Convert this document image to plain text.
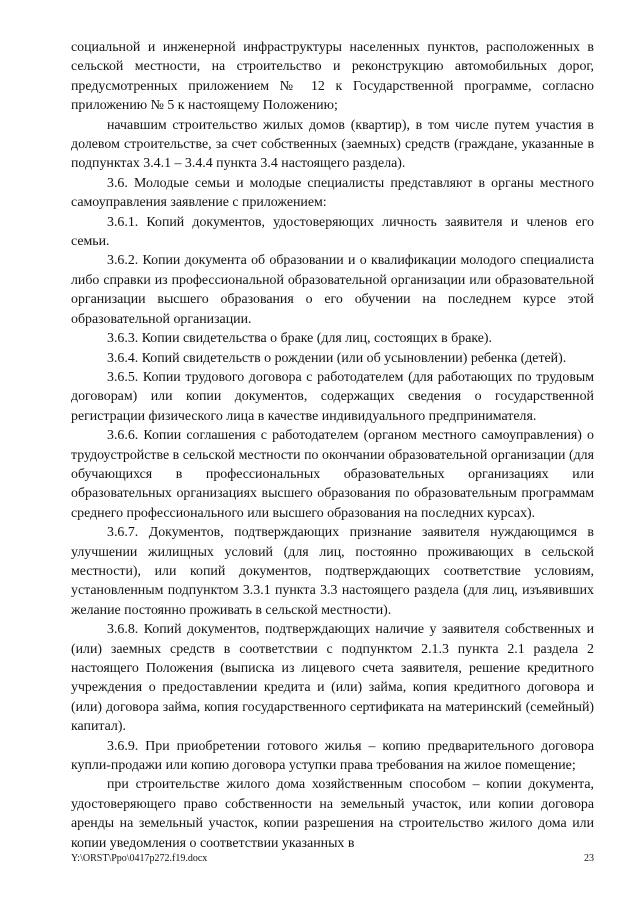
социальной и инженерной инфраструктуры населенных пунктов, расположенных в сельской местности, на строительство и реконструкцию автомобильных дорог, предусмотренных приложением № 12 к Государственной программе, согласно приложению № 5 к настоящему Положению;

начавшим строительство жилых домов (квартир), в том числе путем участия в долевом строительстве, за счет собственных (заемных) средств (граждане, указанные в подпунктах 3.4.1 – 3.4.4 пункта 3.4 настоящего раздела).

3.6. Молодые семьи и молодые специалисты представляют в органы местного самоуправления заявление с приложением:

3.6.1. Копий документов, удостоверяющих личность заявителя и членов его семьи.

3.6.2. Копии документа об образовании и о квалификации молодого специалиста либо справки из профессиональной образовательной организации или образовательной организации высшего образования о его обучении на последнем курсе этой образовательной организации.

3.6.3. Копии свидетельства о браке (для лиц, состоящих в браке).

3.6.4. Копий свидетельств о рождении (или об усыновлении) ребенка (детей).

3.6.5. Копии трудового договора с работодателем (для работающих по трудовым договорам) или копии документов, содержащих сведения о государственной регистрации физического лица в качестве индивидуального предпринимателя.

3.6.6. Копии соглашения с работодателем (органом местного самоуправления) о трудоустройстве в сельской местности по окончании образовательной организации (для обучающихся в профессиональных образовательных организациях или образовательных организациях высшего образования по образовательным программам среднего профессионального или высшего образования на последних курсах).

3.6.7. Документов, подтверждающих признание заявителя нуждающимся в улучшении жилищных условий (для лиц, постоянно проживающих в сельской местности), или копий документов, подтверждающих соответствие условиям, установленным подпунктом 3.3.1 пункта 3.3 настоящего раздела (для лиц, изъявивших желание постоянно проживать в сельской местности).

3.6.8. Копий документов, подтверждающих наличие у заявителя собственных и (или) заемных средств в соответствии с подпунктом 2.1.3 пункта 2.1 раздела 2 настоящего Положения (выписка из лицевого счета заявителя, решение кредитного учреждения о предоставлении кредита и (или) займа, копия кредитного договора и (или) договора займа, копия государственного сертификата на материнский (семейный) капитал).

3.6.9. При приобретении готового жилья – копию предварительного договора купли-продажи или копию договора уступки права требования на жилое помещение;

при строительстве жилого дома хозяйственным способом – копии документа, удостоверяющего право собственности на земельный участок, или копии договора аренды на земельный участок, копии разрешения на строительство жилого дома или копии уведомления о соответствии указанных в

Y:\ORST\Ppo\0417p272.f19.docx	23
